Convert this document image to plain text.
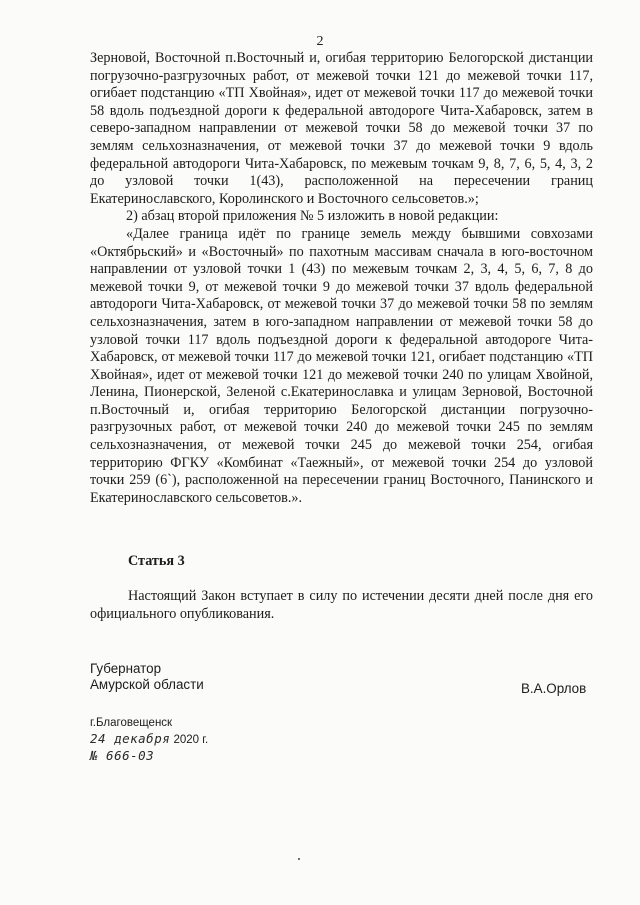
2

Зерновой, Восточной п.Восточный и, огибая территорию Белогорской дистанции погрузочно-разгрузочных работ, от межевой точки 121 до межевой точки 117, огибает подстанцию «ТП Хвойная», идет от межевой точки 117 до межевой точки 58 вдоль подъездной дороги к федеральной автодороге Чита-Хабаровск, затем в северо-западном направлении от межевой точки 58 до межевой точки 37 по землям сельхозназначения, от межевой точки 37 до межевой точки 9 вдоль федеральной автодороги Чита-Хабаровск, по межевым точкам 9, 8, 7, 6, 5, 4, 3, 2 до узловой точки 1(43), расположенной на пересечении границ Екатеринославского, Королинского и Восточного сельсоветов.»;

2) абзац второй приложения № 5 изложить в новой редакции:

«Далее граница идёт по границе земель между бывшими совхозами «Октябрьский» и «Восточный» по пахотным массивам сначала в юго-восточном направлении от узловой точки 1 (43) по межевым точкам 2, 3, 4, 5, 6, 7, 8 до межевой точки 9, от межевой точки 9 до межевой точки 37 вдоль федеральной автодороги Чита-Хабаровск, от межевой точки 37 до межевой точки 58 по землям сельхозназначения, затем в юго-западном направлении от межевой точки 58 до узловой точки 117 вдоль подъездной дороги к федеральной автодороге Чита-Хабаровск, от межевой точки 117 до межевой точки 121, огибает подстанцию «ТП Хвойная», идет от межевой точки 121 до межевой точки 240 по улицам Хвойной, Ленина, Пионерской, Зеленой с.Екатеринославка и улицам Зерновой, Восточной п.Восточный и, огибая территорию Белогорской дистанции погрузочно-разгрузочных работ, от межевой точки 240 до межевой точки 245 по землям сельхозназначения, от межевой точки 245 до межевой точки 254, огибая территорию ФГКУ «Комбинат «Таежный», от межевой точки 254 до узловой точки 259 (6`), расположенной на пересечении границ Восточного, Панинского и Екатеринославского сельсоветов.».

Статья 3
Настоящий Закон вступает в силу по истечении десяти дней после дня его официального опубликования.
Губернатор
Амурской области	В.А.Орлов
г.Благовещенск
24 декабря 2020 г.
№ 666-03
